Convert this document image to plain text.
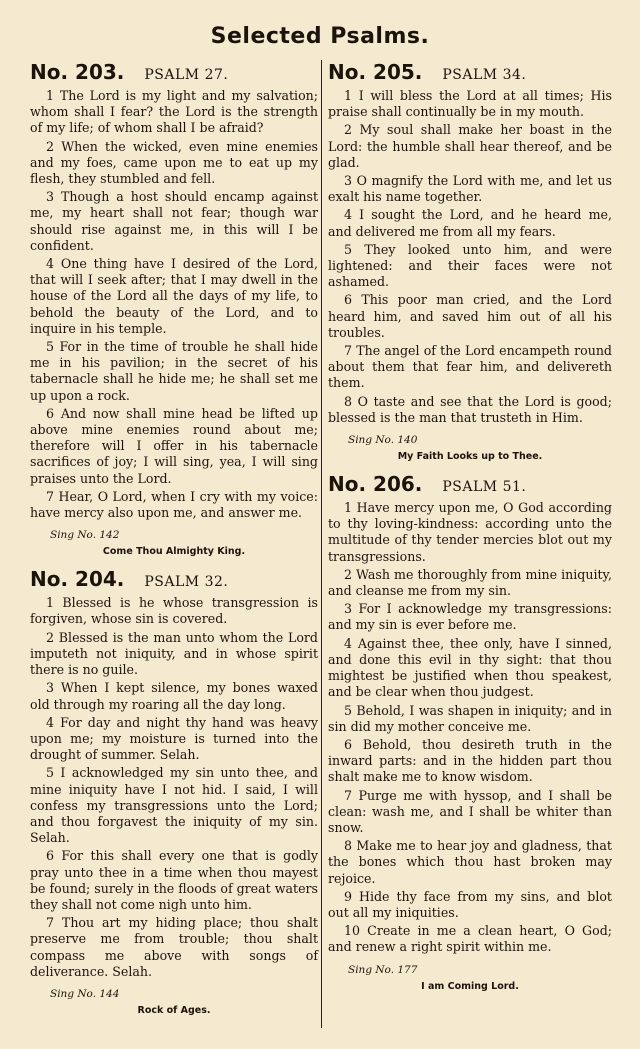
Selected Psalms.
No. 203. PSALM 27.

1 The Lord is my light and my salvation; whom shall I fear? the Lord is the strength of my life; of whom shall I be afraid?

2 When the wicked, even mine enemies and my foes, came upon me to eat up my flesh, they stumbled and fell.

3 Though a host should encamp against me, my heart shall not fear; though war should rise against me, in this will I be confident.

4 One thing have I desired of the Lord, that will I seek after; that I may dwell in the house of the Lord all the days of my life, to behold the beauty of the Lord, and to inquire in his temple.

5 For in the time of trouble he shall hide me in his pavilion; in the secret of his tabernacle shall he hide me; he shall set me up upon a rock.

6 And now shall mine head be lifted up above mine enemies round about me; therefore will I offer in his tabernacle sacrifices of joy; I will sing, yea, I will sing praises unto the Lord.

7 Hear, O Lord, when I cry with my voice: have mercy also upon me, and answer me.

Sing No. 142
Come Thou Almighty King.
No. 204. PSALM 32.

1 Blessed is he whose transgression is forgiven, whose sin is covered.

2 Blessed is the man unto whom the Lord imputeth not iniquity, and in whose spirit there is no guile.

3 When I kept silence, my bones waxed old through my roaring all the day long.

4 For day and night thy hand was heavy upon me; my moisture is turned into the drought of summer. Selah.

5 I acknowledged my sin unto thee, and mine iniquity have I not hid. I said, I will confess my transgressions unto the Lord; and thou forgavest the iniquity of my sin. Selah.

6 For this shall every one that is godly pray unto thee in a time when thou mayest be found; surely in the floods of great waters they shall not come nigh unto him.

7 Thou art my hiding place; thou shalt preserve me from trouble; thou shalt compass me above with songs of deliverance. Selah.

Sing No. 144
Rock of Ages.
No. 205. PSALM 34.

1 I will bless the Lord at all times; His praise shall continually be in my mouth.

2 My soul shall make her boast in the Lord: the humble shall hear thereof, and be glad.

3 O magnify the Lord with me, and let us exalt his name together.

4 I sought the Lord, and he heard me, and delivered me from all my fears.

5 They looked unto him, and were lightened: and their faces were not ashamed.

6 This poor man cried, and the Lord heard him, and saved him out of all his troubles.

7 The angel of the Lord encampeth round about them that fear him, and delivereth them.

8 O taste and see that the Lord is good; blessed is the man that trusteth in Him.

Sing No. 140
My Faith Looks up to Thee.
No. 206. PSALM 51.

1 Have mercy upon me, O God according to thy loving-kindness: according unto the multitude of thy tender mercies blot out my transgressions.

2 Wash me thoroughly from mine iniquity, and cleanse me from my sin.

3 For I acknowledge my transgressions: and my sin is ever before me.

4 Against thee, thee only, have I sinned, and done this evil in thy sight: that thou mightest be justified when thou speakest, and be clear when thou judgest.

5 Behold, I was shapen in iniquity; and in sin did my mother conceive me.

6 Behold, thou desireth truth in the inward parts: and in the hidden part thou shalt make me to know wisdom.

7 Purge me with hyssop, and I shall be clean: wash me, and I shall be whiter than snow.

8 Make me to hear joy and gladness, that the bones which thou hast broken may rejoice.

9 Hide thy face from my sins, and blot out all my iniquities.

10 Create in me a clean heart, O God; and renew a right spirit within me.

Sing No. 177
I am Coming Lord.
